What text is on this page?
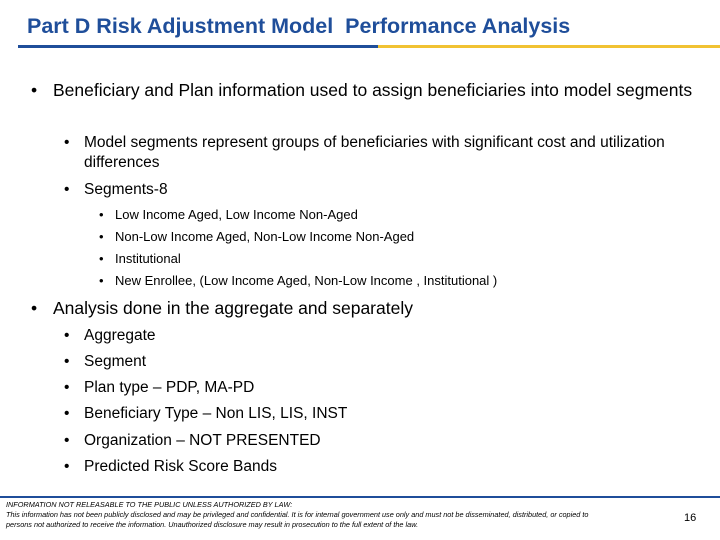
Part D Risk Adjustment Model  Performance Analysis
• Beneficiary and Plan information used to assign beneficiaries into model segments
• Model segments represent groups of beneficiaries with significant cost and utilization differences
• Segments-8
• Low Income Aged, Low Income Non-Aged
• Non-Low Income Aged, Non-Low Income Non-Aged
• Institutional
• New Enrollee, (Low Income Aged, Non-Low Income , Institutional )
• Analysis done in the aggregate and separately
• Aggregate
• Segment
• Plan type – PDP, MA-PD
• Beneficiary Type – Non LIS, LIS, INST
• Organization – NOT PRESENTED
• Predicted Risk Score Bands
INFORMATION NOT RELEASABLE TO THE PUBLIC UNLESS AUTHORIZED BY LAW:
This information has not been publicly disclosed and may be privileged and confidential. It is for internal government use only and must not be disseminated, distributed, or copied to persons not authorized to receive the information. Unauthorized disclosure may result in prosecution to the full extent of the law.
16
